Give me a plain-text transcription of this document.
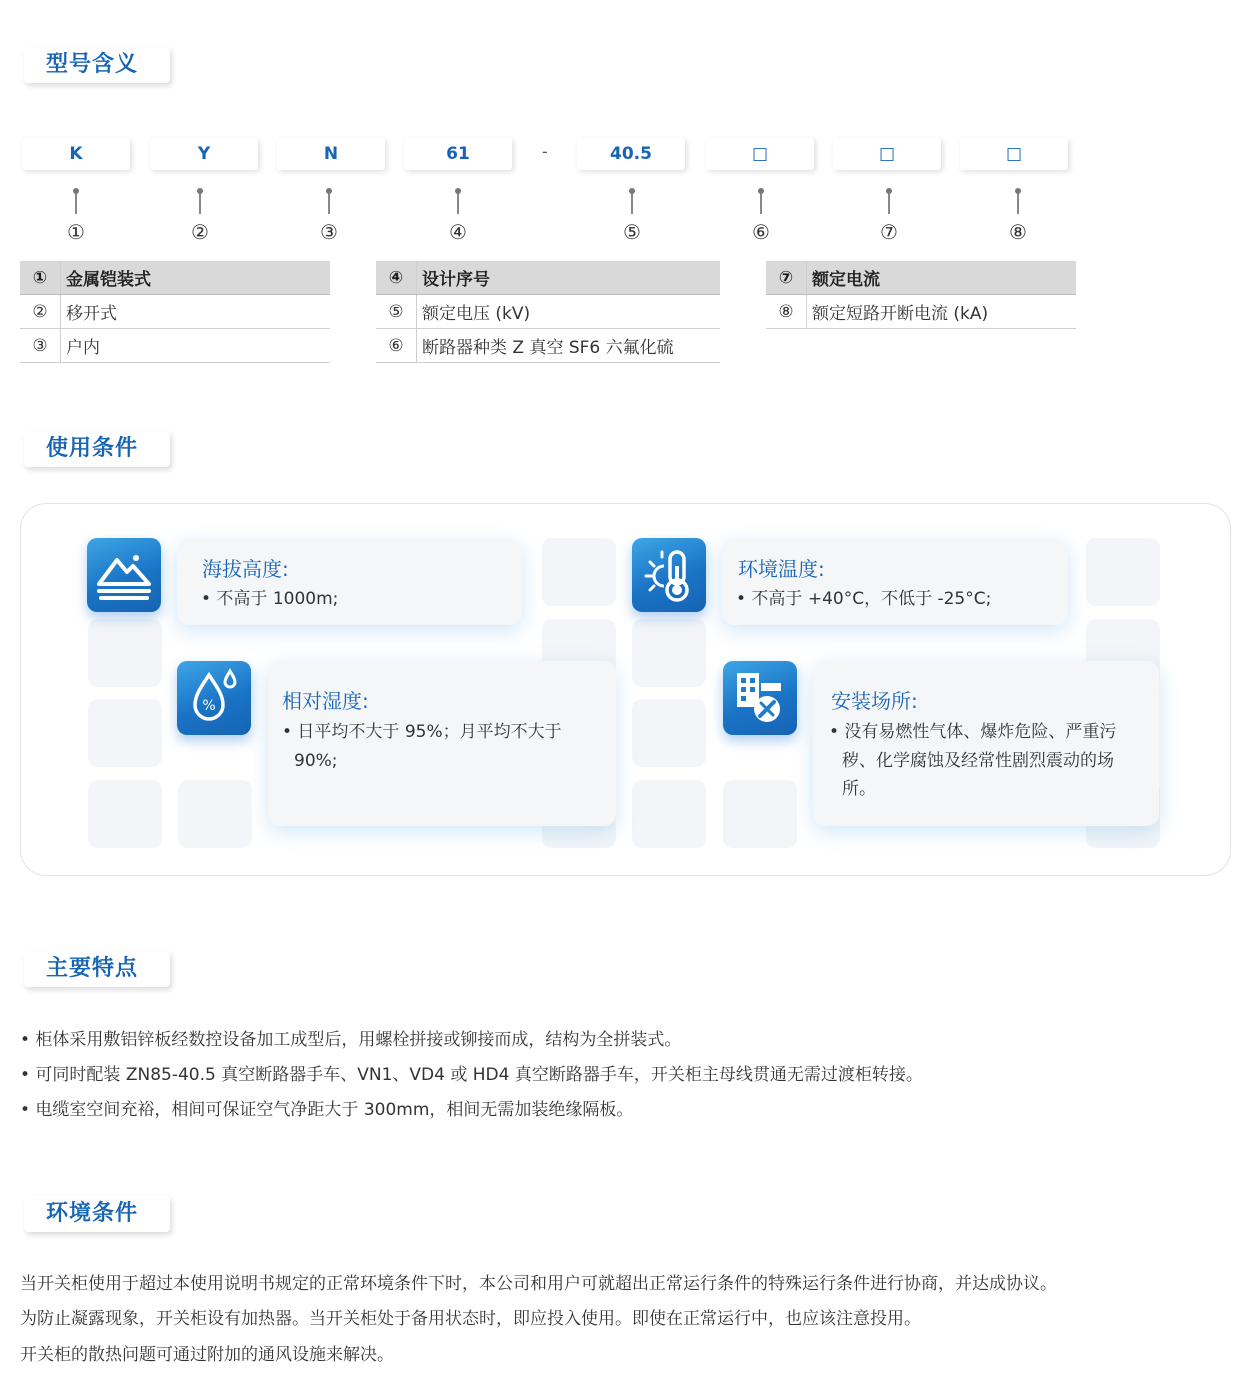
型号含义
K	Y	N	61	-	40.5	□	□	□
①	②	③	④	⑤	⑥	⑦	⑧
①	金属铠装式
②	移开式
③	户内
④	设计序号
⑤	额定电压 (kV)
⑥	断路器种类 Z 真空 SF6 六氟化硫
⑦	额定电流
⑧	额定短路开断电流 (kA)
使用条件
海拔高度:
• 不高于 1000m;
环境温度:
• 不高于 +40°C，不低于 -25°C;
%	相对湿度:
• 日平均不大于 95%；月平均不大于
90%;
安装场所:
• 没有易燃性气体、爆炸危险、严重污
秽、化学腐蚀及经常性剧烈震动的场
所。
主要特点
• 柜体采用敷铝锌板经数控设备加工成型后，用螺栓拼接或铆接而成，结构为全拼装式。
• 可同时配装 ZN85-40.5 真空断路器手车、VN1、VD4 或 HD4 真空断路器手车，开关柜主母线贯通无需过渡柜转接。
• 电缆室空间充裕，相间可保证空气净距大于 300mm，相间无需加装绝缘隔板。
环境条件
当开关柜使用于超过本使用说明书规定的正常环境条件下时，本公司和用户可就超出正常运行条件的特殊运行条件进行协商，并达成协议。
为防止凝露现象，开关柜设有加热器。当开关柜处于备用状态时，即应投入使用。即使在正常运行中，也应该注意投用。
开关柜的散热问题可通过附加的通风设施来解决。
